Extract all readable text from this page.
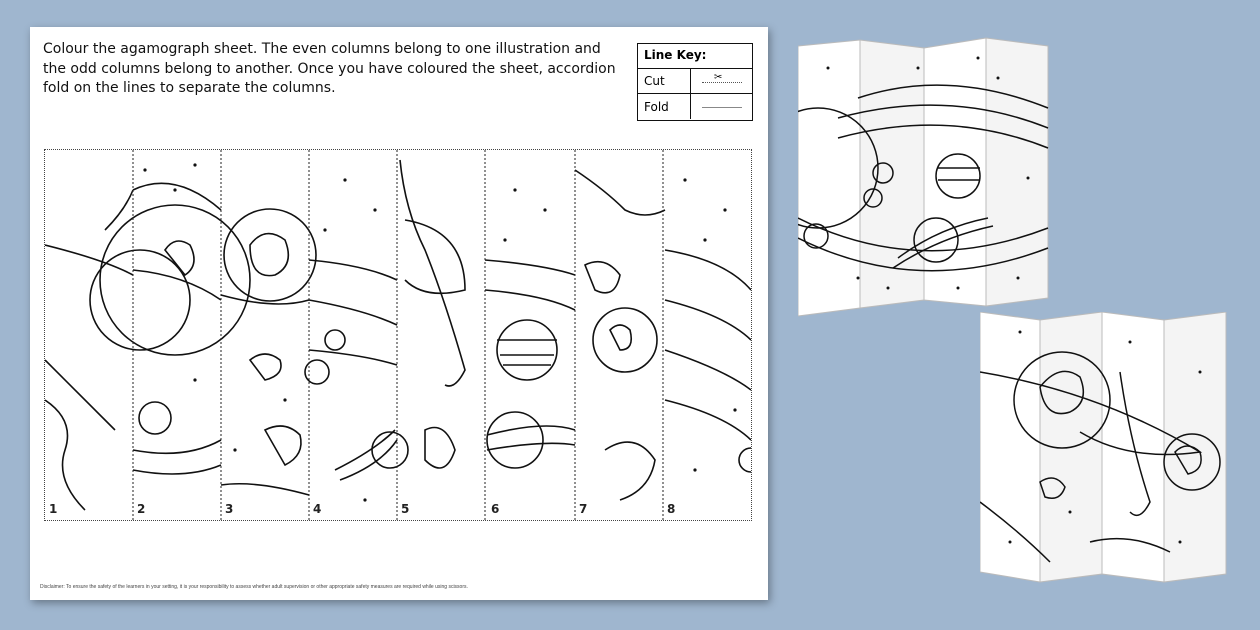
Colour the agamograph sheet. The even columns belong to one illustration and the odd columns belong to another. Once you have coloured the sheet, accordion fold on the lines to separate the columns.
Line Key:
Cut	✂
Fold
1	2	3	4	5	6	7	8
Disclaimer: To ensure the safety of the learners in your setting, it is your responsibility to assess whether adult supervision or other appropriate safety measures are required while using scissors.
